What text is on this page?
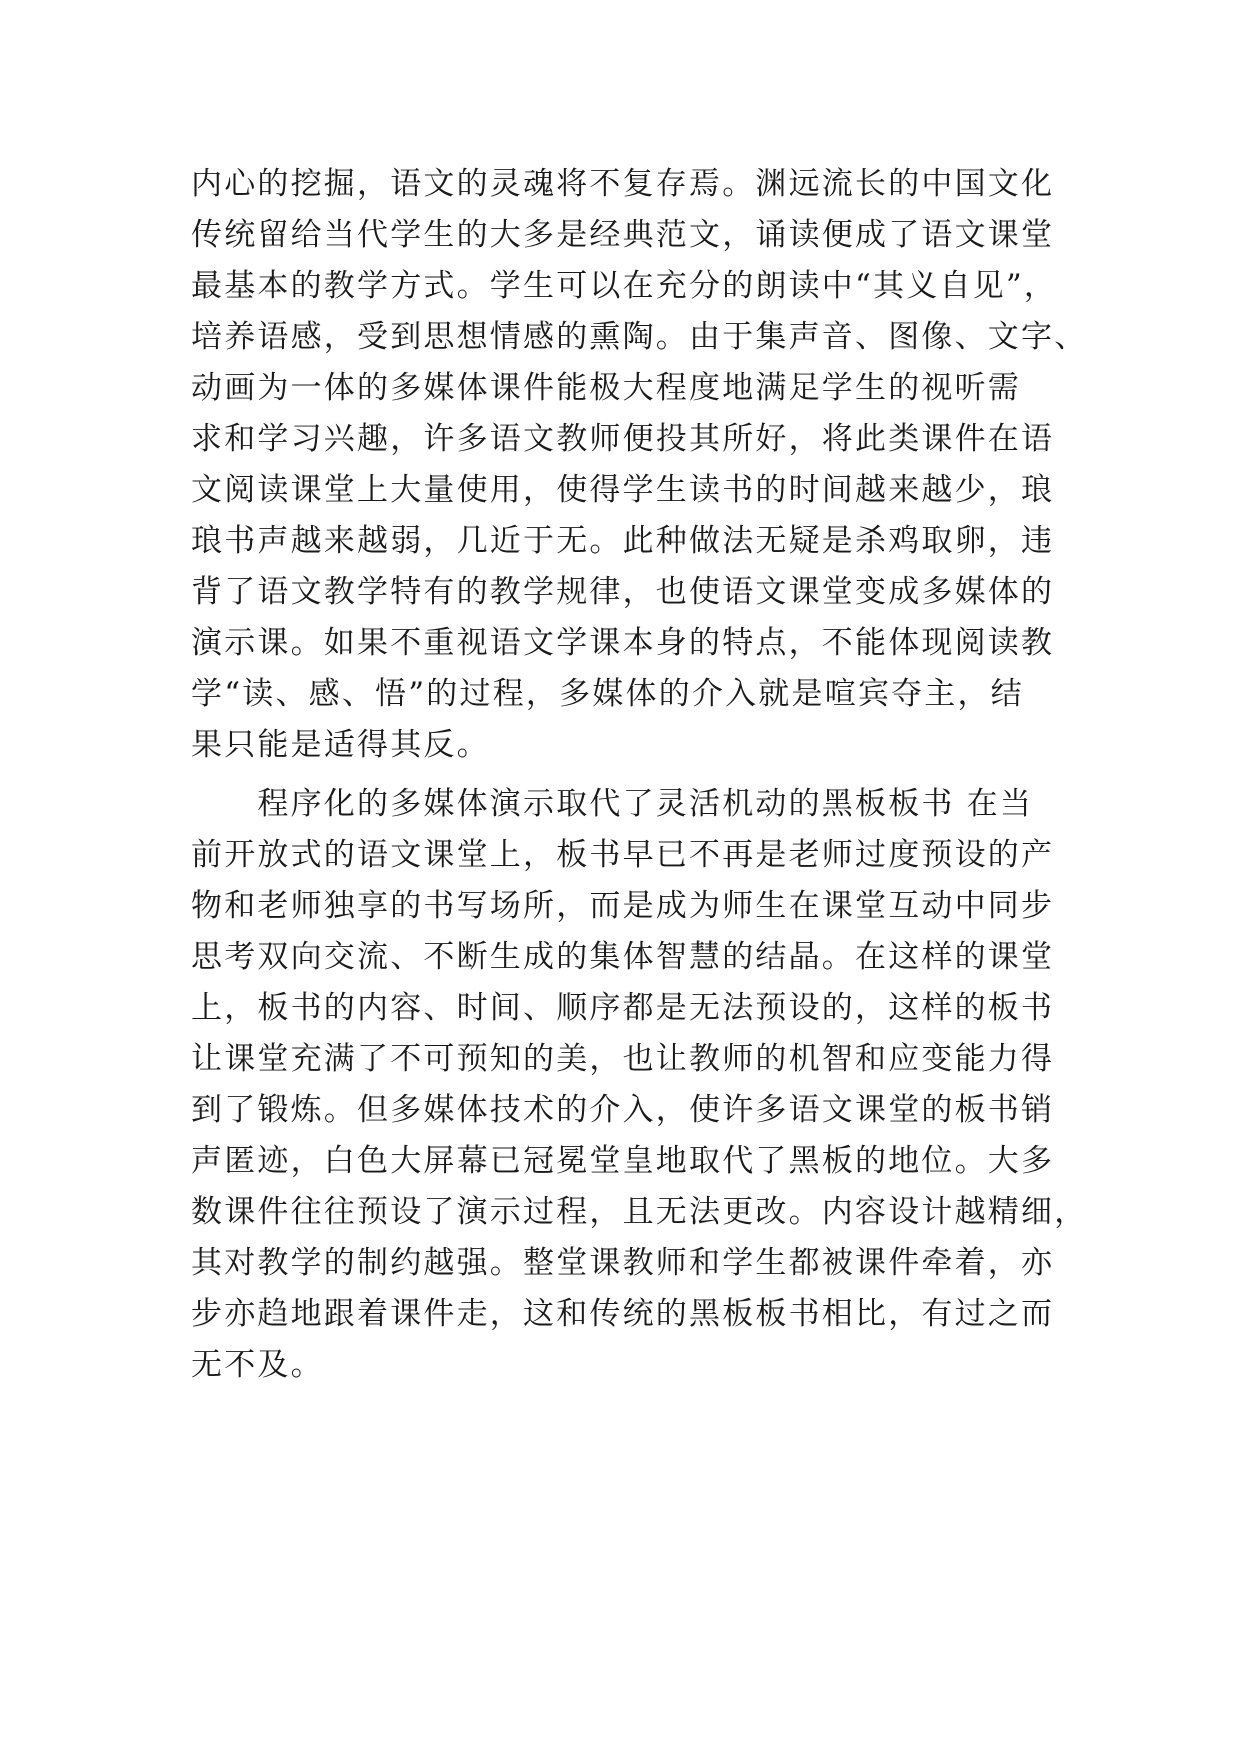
内心的挖掘，语文的灵魂将不复存焉。渊远流长的中国文化
传统留给当代学生的大多是经典范文，诵读便成了语文课堂
最基本的教学方式。学生可以在充分的朗读中“其义自见”，
培养语感，受到思想情感的熏陶。由于集声音、图像、文字、
动画为一体的多媒体课件能极大程度地满足学生的视听需
求和学习兴趣，许多语文教师便投其所好，将此类课件在语
文阅读课堂上大量使用，使得学生读书的时间越来越少，琅
琅书声越来越弱，几近于无。此种做法无疑是杀鸡取卵，违
背了语文教学特有的教学规律，也使语文课堂变成多媒体的
演示课。如果不重视语文学课本身的特点，不能体现阅读教
学“读、感、悟”的过程，多媒体的介入就是喧宾夺主，结
果只能是适得其反。
　　程序化的多媒体演示取代了灵活机动的黑板板书 在当
前开放式的语文课堂上，板书早已不再是老师过度预设的产
物和老师独享的书写场所，而是成为师生在课堂互动中同步
思考双向交流、不断生成的集体智慧的结晶。在这样的课堂
上，板书的内容、时间、顺序都是无法预设的，这样的板书
让课堂充满了不可预知的美，也让教师的机智和应变能力得
到了锻炼。但多媒体技术的介入，使许多语文课堂的板书销
声匿迹，白色大屏幕已冠冕堂皇地取代了黑板的地位。大多
数课件往往预设了演示过程，且无法更改。内容设计越精细，
其对教学的制约越强。整堂课教师和学生都被课件牵着，亦
步亦趋地跟着课件走，这和传统的黑板板书相比，有过之而
无不及。
